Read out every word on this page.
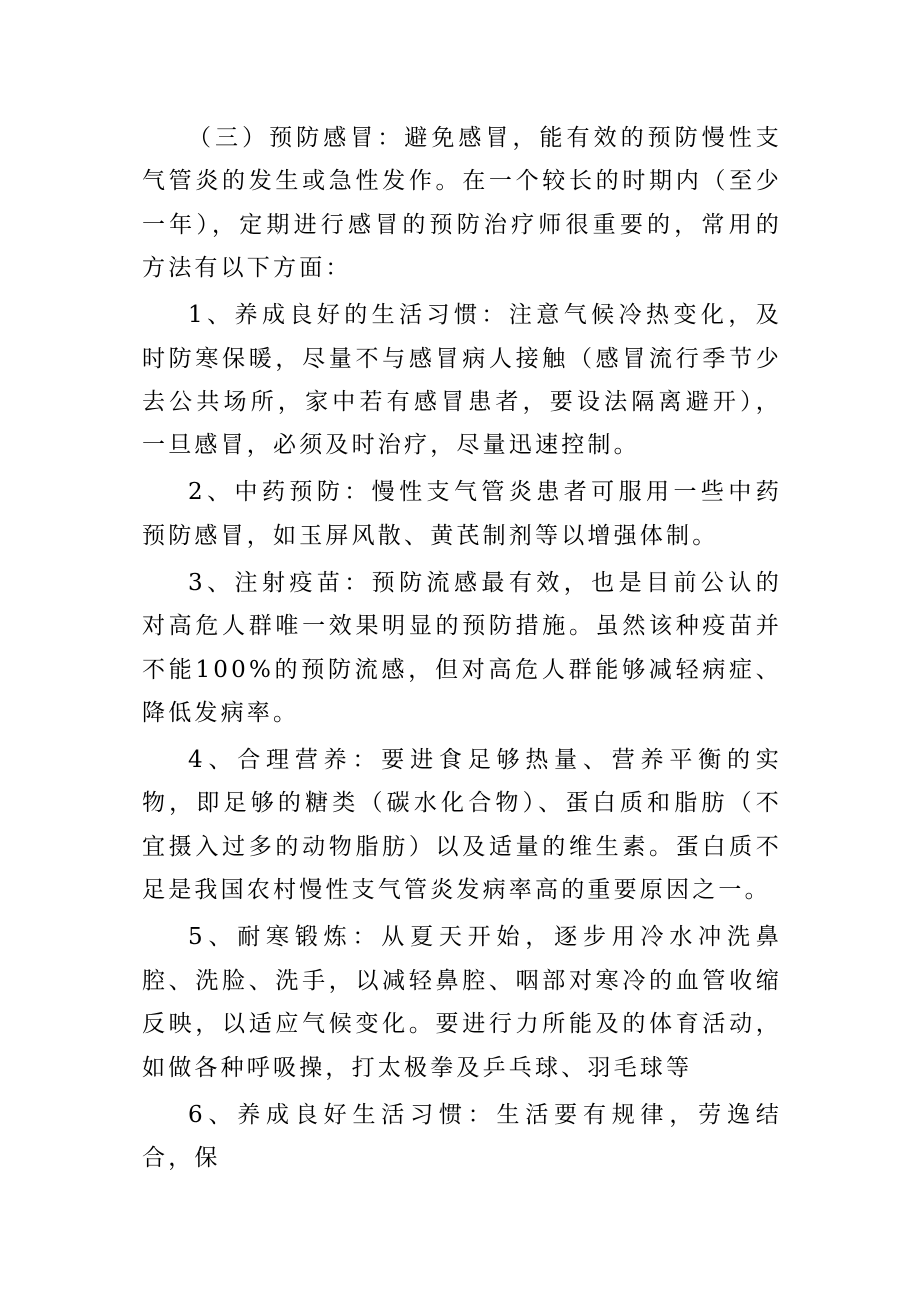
（三）预防感冒：避免感冒，能有效的预防慢性支气管炎的发生或急性发作。在一个较长的时期内（至少一年），定期进行感冒的预防治疗师很重要的，常用的方法有以下方面：

1、养成良好的生活习惯：注意气候冷热变化，及时防寒保暖，尽量不与感冒病人接触（感冒流行季节少去公共场所，家中若有感冒患者，要设法隔离避开），一旦感冒，必须及时治疗，尽量迅速控制。

2、中药预防：慢性支气管炎患者可服用一些中药预防感冒，如玉屏风散、黄芪制剂等以增强体制。

3、注射疫苗：预防流感最有效，也是目前公认的对高危人群唯一效果明显的预防措施。虽然该种疫苗并不能100%的预防流感，但对高危人群能够减轻病症、降低发病率。

4、合理营养：要进食足够热量、营养平衡的实物，即足够的糖类（碳水化合物）、蛋白质和脂肪（不宜摄入过多的动物脂肪）以及适量的维生素。蛋白质不足是我国农村慢性支气管炎发病率高的重要原因之一。

5、耐寒锻炼：从夏天开始，逐步用冷水冲洗鼻腔、洗脸、洗手，以减轻鼻腔、咽部对寒冷的血管收缩反映，以适应气候变化。要进行力所能及的体育活动，如做各种呼吸操，打太极拳及乒乓球、羽毛球等

6、养成良好生活习惯：生活要有规律，劳逸结合，保
